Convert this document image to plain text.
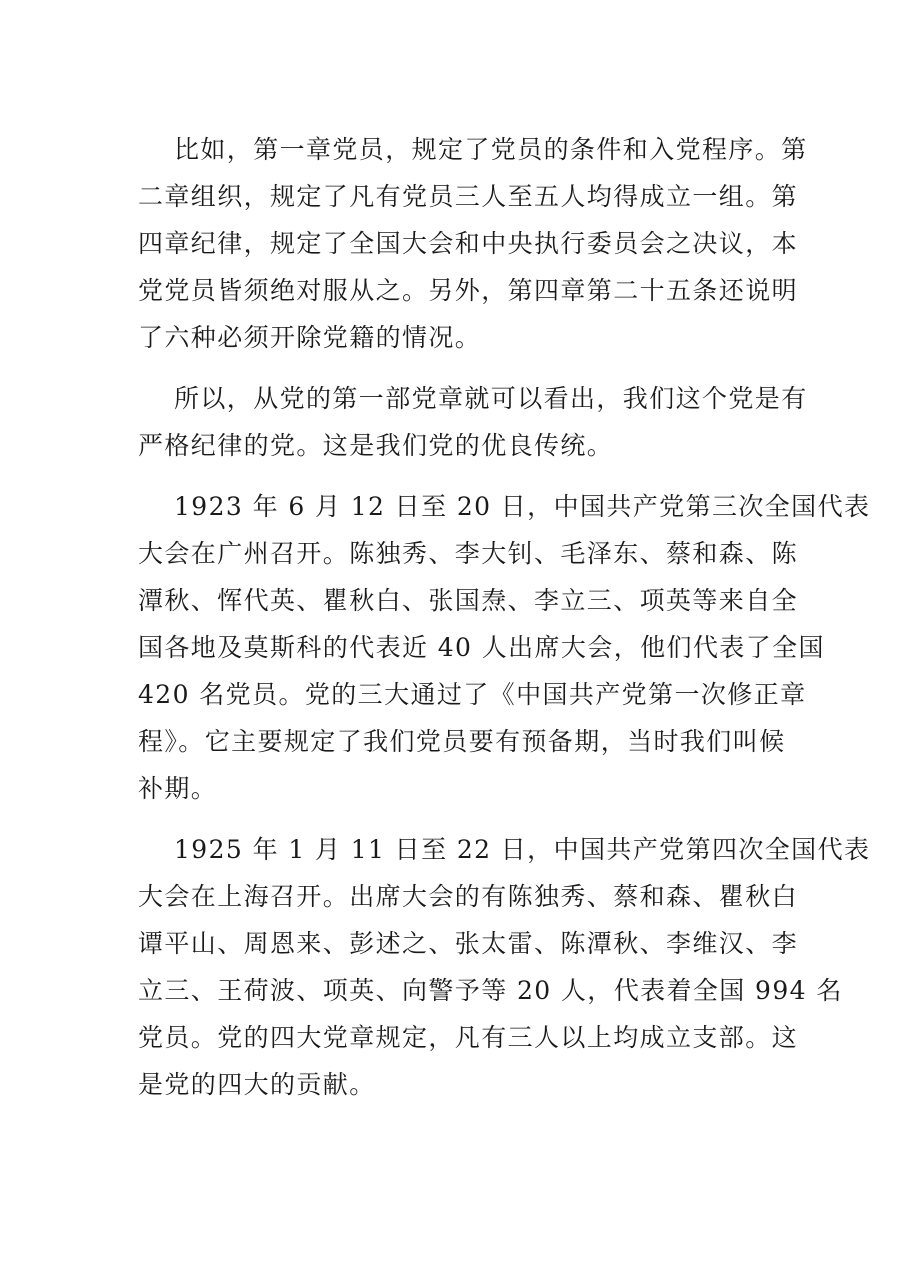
比如，第一章党员，规定了党员的条件和入党程序。第
二章组织，规定了凡有党员三人至五人均得成立一组。第
四章纪律，规定了全国大会和中央执行委员会之决议，本
党党员皆须绝对服从之。另外，第四章第二十五条还说明
了六种必须开除党籍的情况。

所以，从党的第一部党章就可以看出，我们这个党是有
严格纪律的党。这是我们党的优良传统。

1923 年 6 月 12 日至 20 日，中国共产党第三次全国代表
大会在广州召开。陈独秀、李大钊、毛泽东、蔡和森、陈
潭秋、恽代英、瞿秋白、张国焘、李立三、项英等来自全
国各地及莫斯科的代表近 40 人出席大会，他们代表了全国
420 名党员。党的三大通过了《中国共产党第一次修正章
程》。它主要规定了我们党员要有预备期，当时我们叫候
补期。

1925 年 1 月 11 日至 22 日，中国共产党第四次全国代表
大会在上海召开。出席大会的有陈独秀、蔡和森、瞿秋白
谭平山、周恩来、彭述之、张太雷、陈潭秋、李维汉、李
立三、王荷波、项英、向警予等 20 人，代表着全国 994 名
党员。党的四大党章规定，凡有三人以上均成立支部。这
是党的四大的贡献。
